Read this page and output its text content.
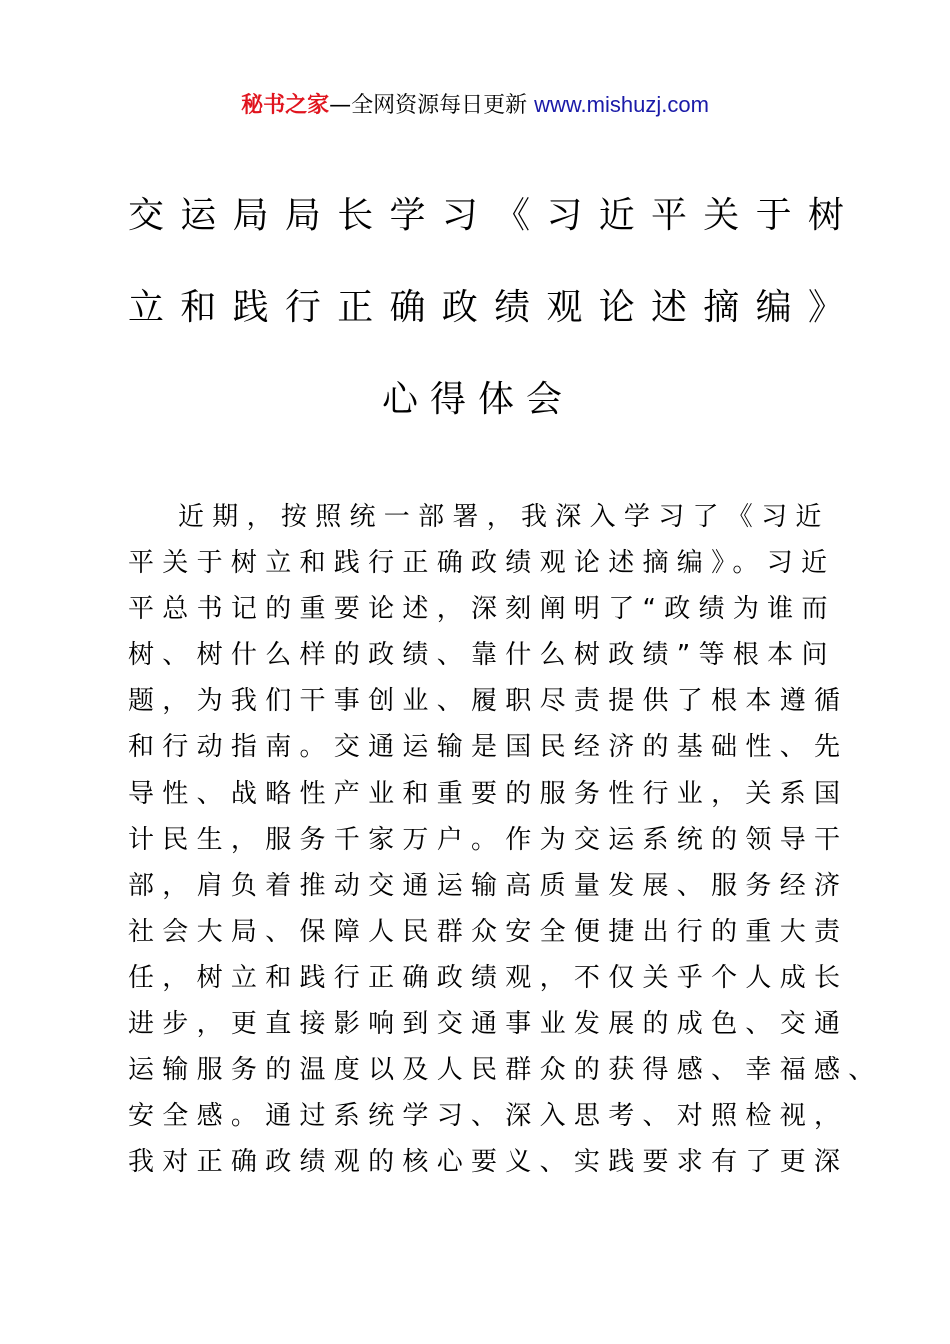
秘书之家—全网资源每日更新 www.mishuzj.com
交运局局长学习《习近平关于树
立和践行正确政绩观论述摘编》
心得体会
近期，按照统一部署，我深入学习了《习近
平关于树立和践行正确政绩观论述摘编》。习近
平总书记的重要论述，深刻阐明了“政绩为谁而
树、树什么样的政绩、靠什么树政绩”等根本问
题，为我们干事创业、履职尽责提供了根本遵循
和行动指南。交通运输是国民经济的基础性、先
导性、战略性产业和重要的服务性行业，关系国
计民生，服务千家万户。作为交运系统的领导干
部，肩负着推动交通运输高质量发展、服务经济
社会大局、保障人民群众安全便捷出行的重大责
任，树立和践行正确政绩观，不仅关乎个人成长
进步，更直接影响到交通事业发展的成色、交通
运输服务的温度以及人民群众的获得感、幸福感、
安全感。通过系统学习、深入思考、对照检视，
我对正确政绩观的核心要义、实践要求有了更深
